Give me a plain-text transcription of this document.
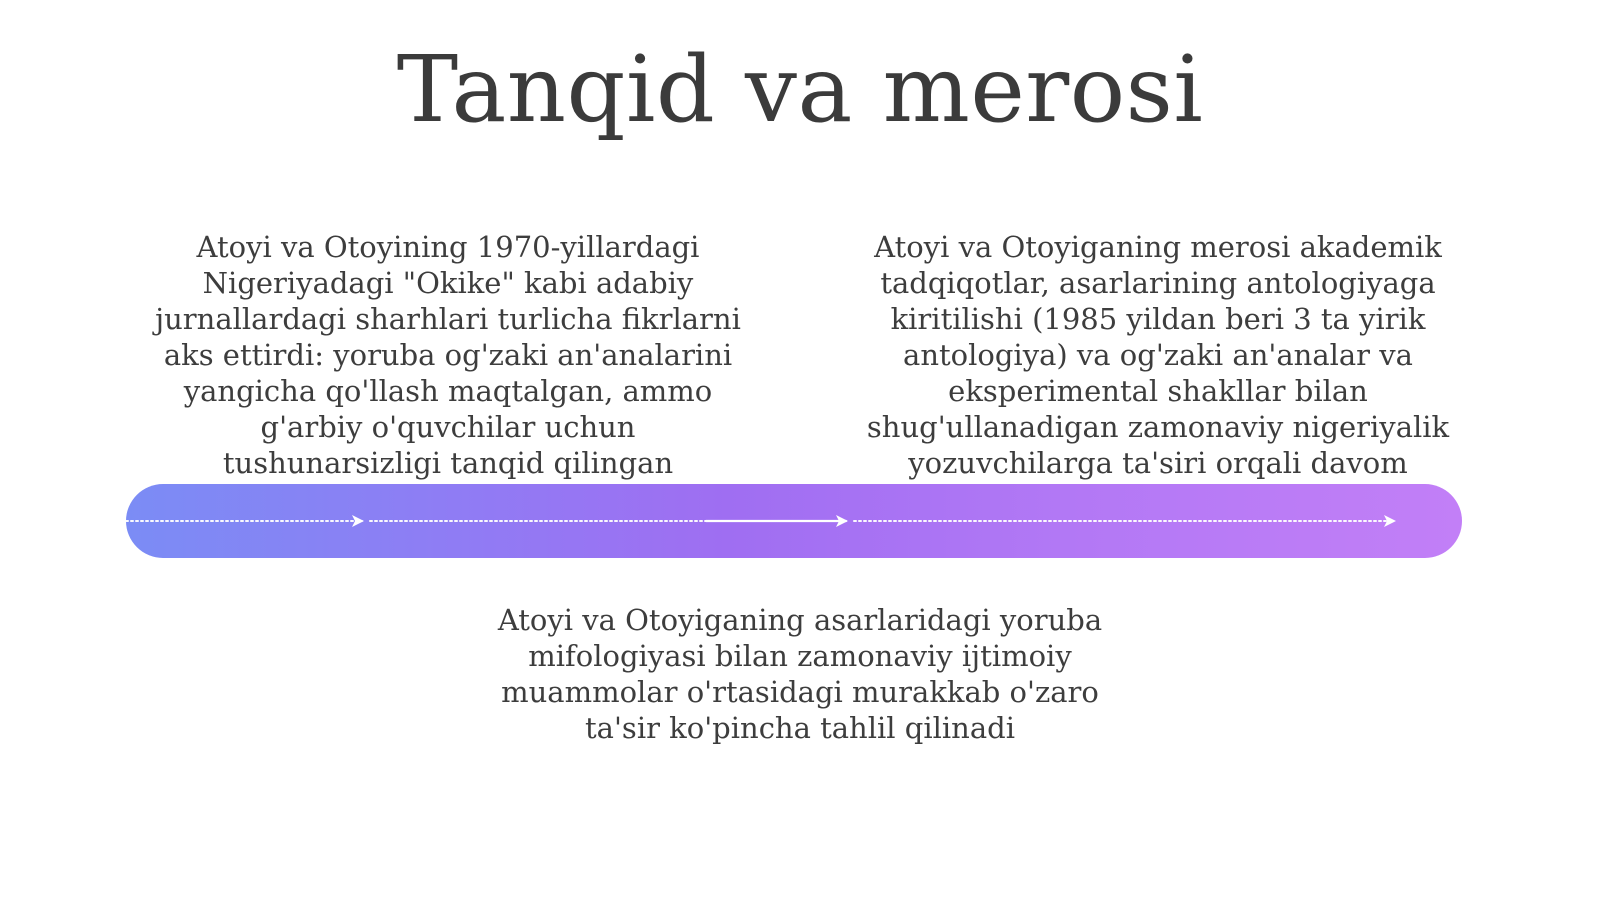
Tanqid va merosi

Atoyi va Otoyining 1970-yillardagi Nigeriyadagi "Okike" kabi adabiy jurnallardagi sharhlari turlicha fikrlarni aks ettirdi: yoruba og'zaki an'analarini yangicha qo'llash maqtalgan, ammo g'arbiy o'quvchilar uchun tushunarsizligi tanqid qilingan

Atoyi va Otoyiganing merosi akademik tadqiqotlar, asarlarining antologiyaga kiritilishi (1985 yildan beri 3 ta yirik antologiya) va og'zaki an'analar va eksperimental shakllar bilan shug'ullanadigan zamonaviy nigeriyalik yozuvchilarga ta'siri orqali davom

Atoyi va Otoyiganing asarlaridagi yoruba mifologiyasi bilan zamonaviy ijtimoiy muammolar o'rtasidagi murakkab o'zaro ta'sir ko'pincha tahlil qilinadi
